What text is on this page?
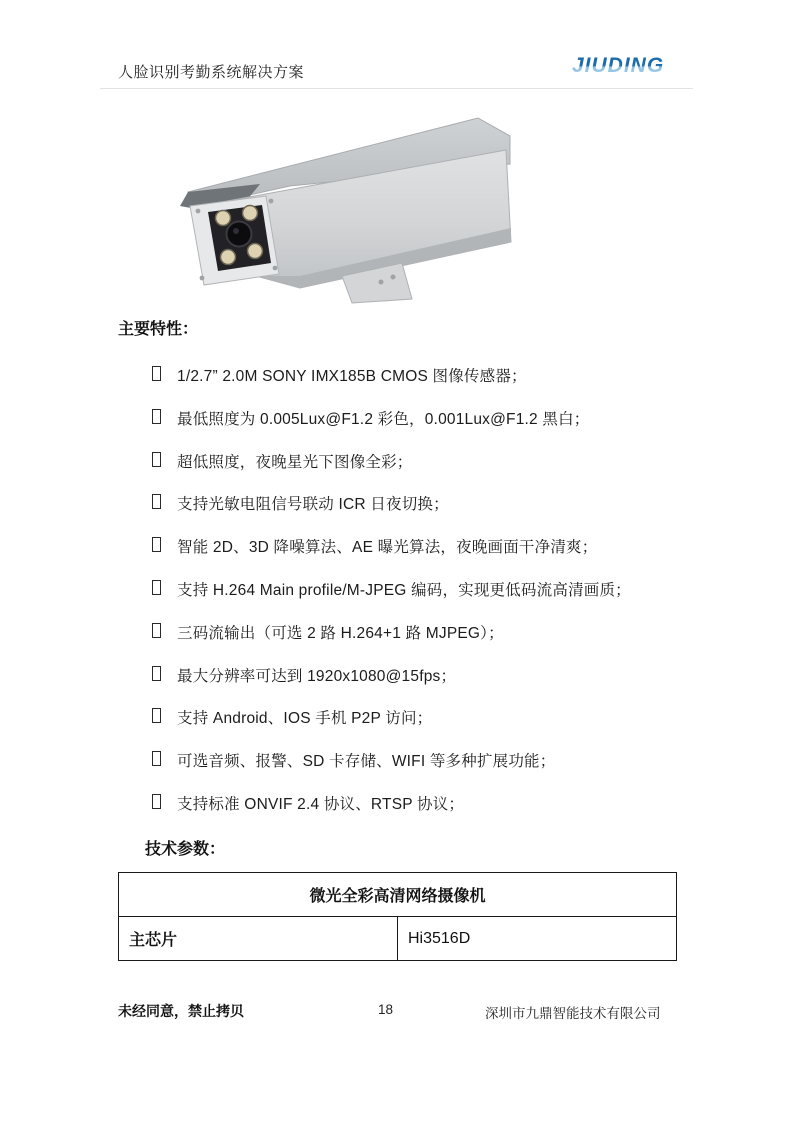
人脸识别考勤系统解决方案	JIUDING
主要特性：
1/2.7” 2.0M SONY IMX185B CMOS 图像传感器；
最低照度为 0.005Lux@F1.2 彩色，0.001Lux@F1.2 黑白；
超低照度，夜晚星光下图像全彩；
支持光敏电阻信号联动 ICR 日夜切换；
智能 2D、3D 降噪算法、AE 曝光算法，夜晚画面干净清爽；
支持 H.264 Main profile/M-JPEG 编码，实现更低码流高清画质；
三码流输出（可选 2 路 H.264+1 路 MJPEG）；
最大分辨率可达到 1920x1080@15fps；
支持 Android、IOS 手机 P2P 访问；
可选音频、报警、SD 卡存储、WIFI 等多种扩展功能；
支持标准 ONVIF 2.4 协议、RTSP 协议；
技术参数：
微光全彩高清网络摄像机
主芯片	Hi3516D
未经同意，禁止拷贝	18	深圳市九鼎智能技术有限公司
